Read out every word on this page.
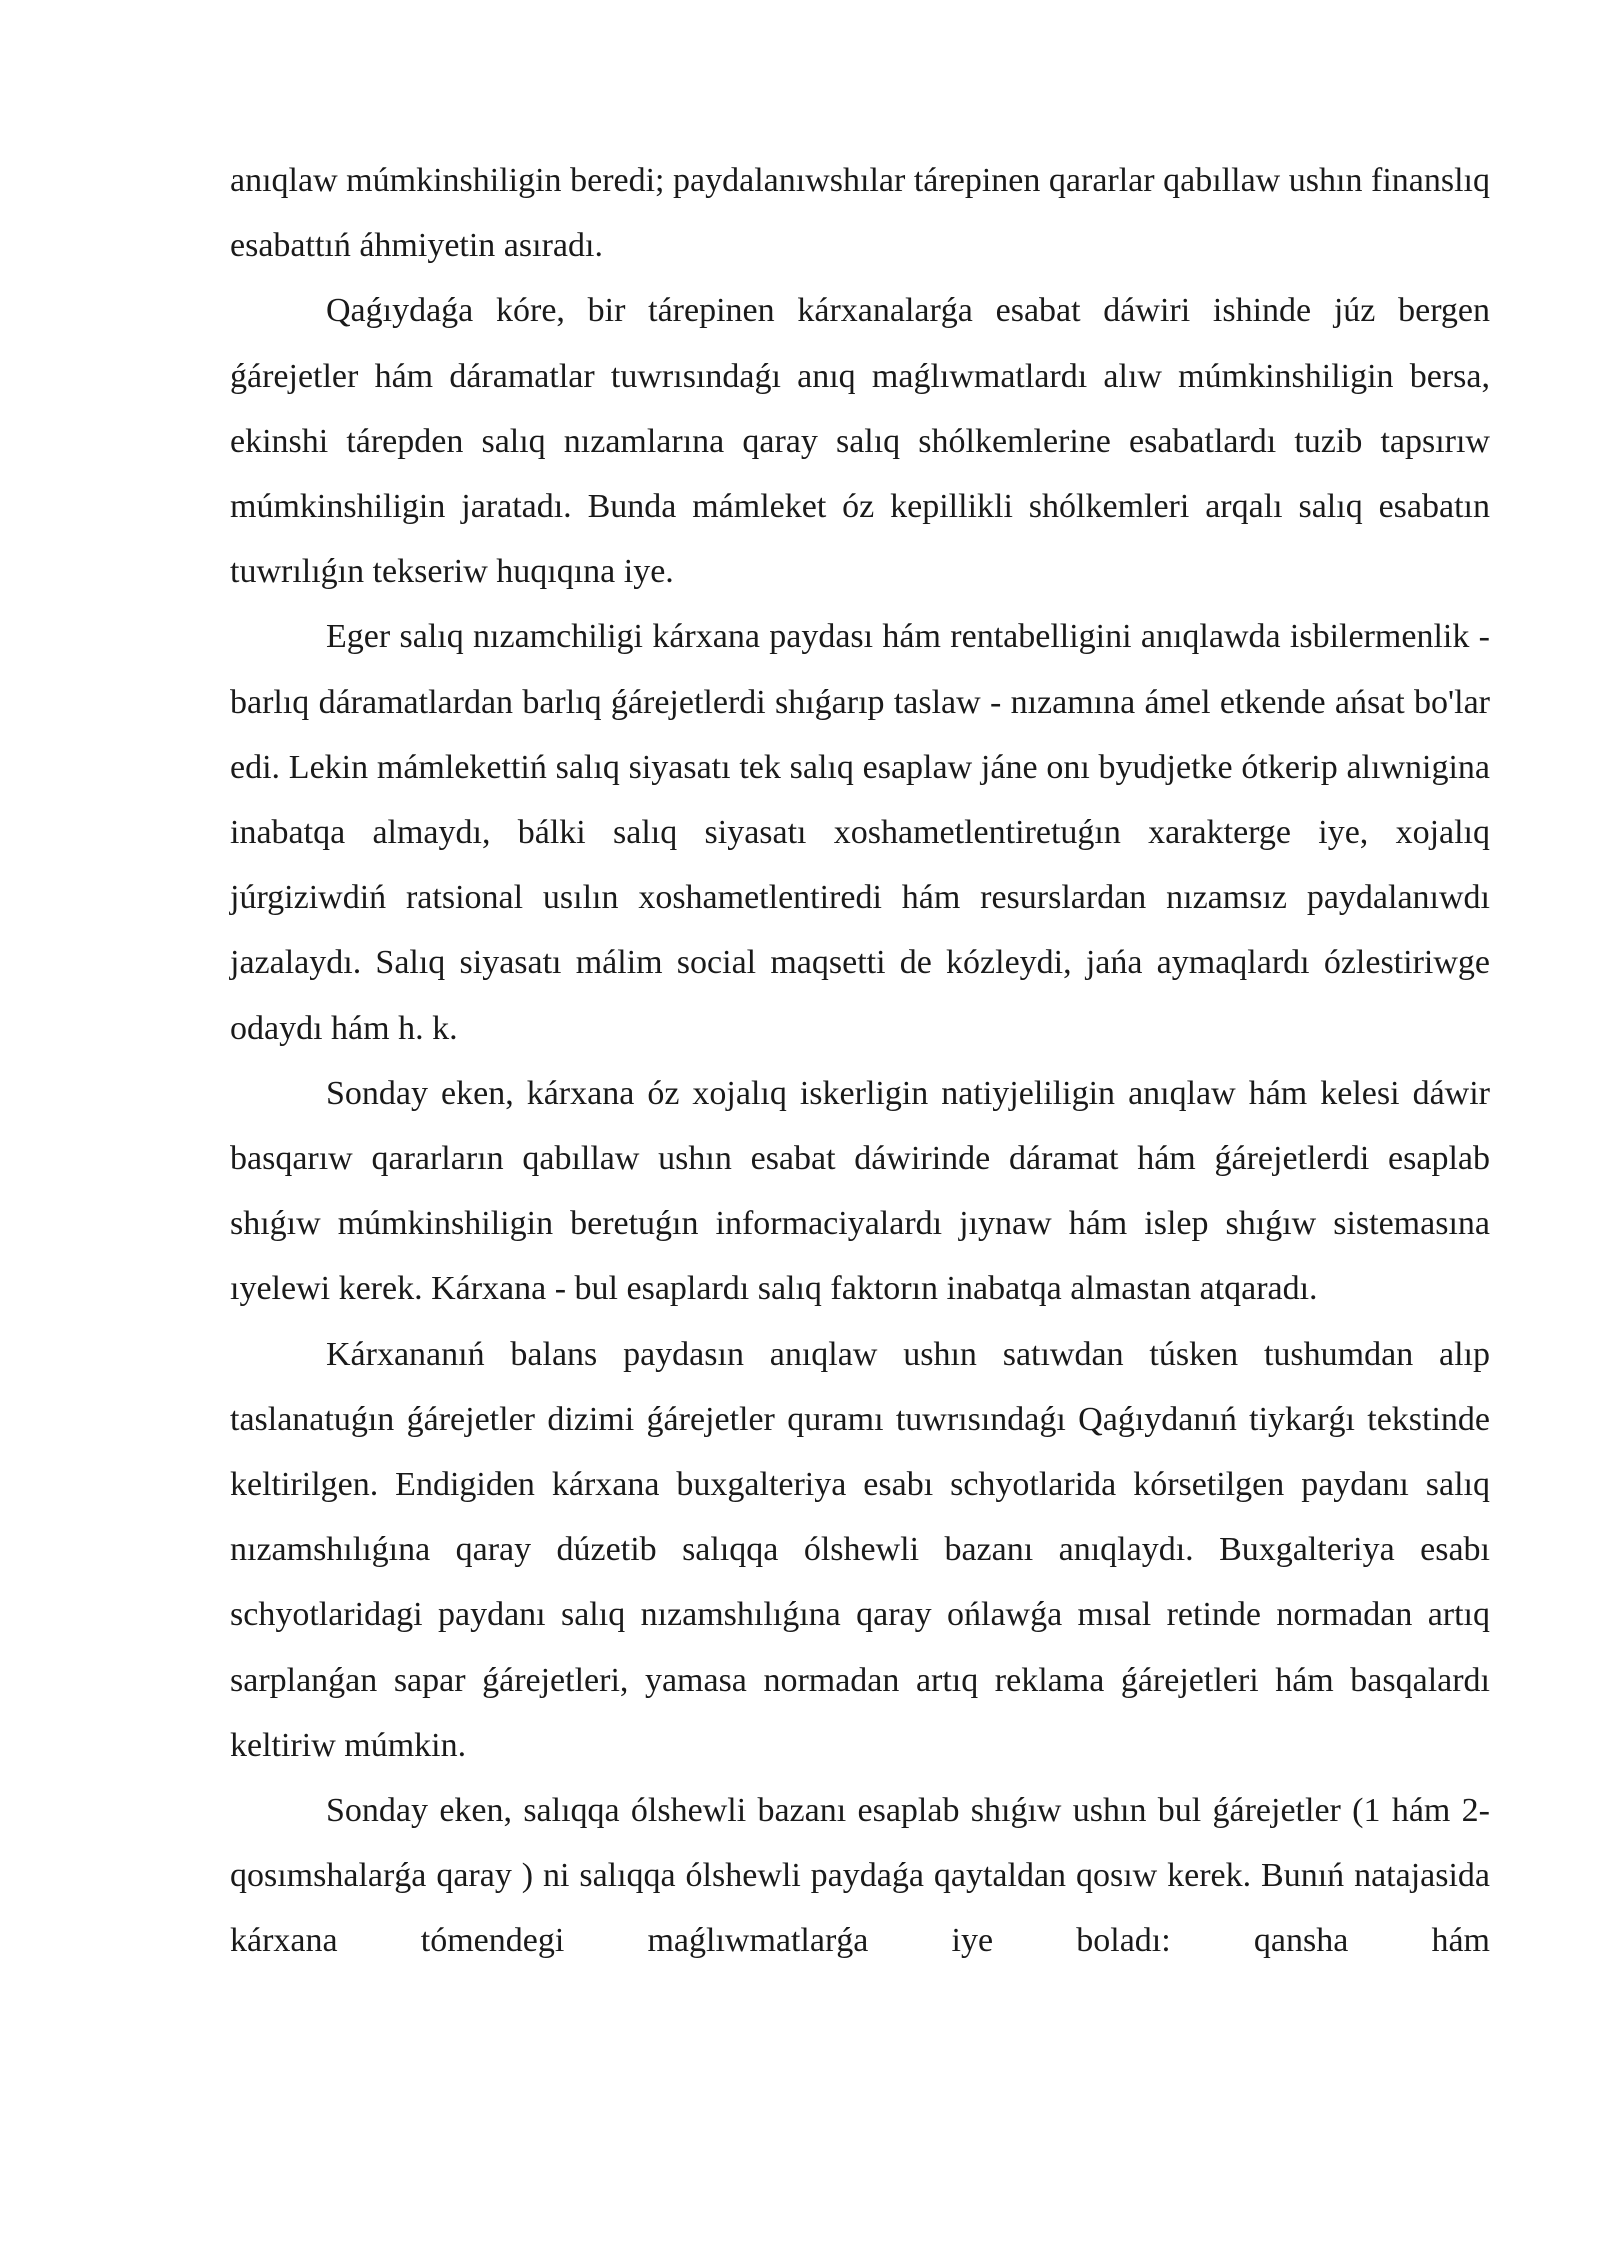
anıqlaw múmkinshiligin beredi; paydalanıwshılar tárepinen qararlar qabıllaw ushın finanslıq esabattıń áhmiyetin asıradı.

Qaǵıydaǵa kóre, bir tárepinen kárxanalarǵa esabat dáwiri ishinde júz bergen ǵárejetler hám dáramatlar tuwrısındaǵı anıq maǵlıwmatlardı alıw múmkinshiligin bersa, ekinshi tárepden salıq nızamlarına qaray salıq shólkemlerine esabatlardı tuzib tapsırıw múmkinshiligin jaratadı. Bunda mámleket óz kepillikli shólkemleri arqalı salıq esabatın tuwrılıǵın tekseriw huqıqına iye.

Eger salıq nızamchiligi kárxana paydası hám rentabelligini anıqlawda isbilermenlik - barlıq dáramatlardan barlıq ǵárejetlerdi shıǵarıp taslaw - nızamına ámel etkende ańsat bo'lar edi. Lekin mámlekettiń salıq siyasatı tek salıq esaplaw jáne onı byudjetke ótkerip alıwnigina inabatqa almaydı, bálki salıq siyasatı xoshametlentiretuǵın xarakterge iye, xojalıq júrgiziwdiń ratsional usılın xoshametlentiredi hám resurslardan nızamsız paydalanıwdı jazalaydı. Salıq siyasatı málim social maqsetti de kózleydi, jańa aymaqlardı ózlestiriwge odaydı hám h. k.

Sonday eken, kárxana óz xojalıq iskerligin natiyjeliligin anıqlaw hám kelesi dáwir basqarıw qararların qabıllaw ushın esabat dáwirinde dáramat hám ǵárejetlerdi esaplab shıǵıw múmkinshiligin beretuǵın informaciyalardı jıynaw hám islep shıǵıw sistemasına ıyelewi kerek. Kárxana - bul esaplardı salıq faktorın inabatqa almastan atqaradı.

Kárxananıń balans paydasın anıqlaw ushın satıwdan túsken tushumdan alıp taslanatuǵın ǵárejetler dizimi ǵárejetler quramı tuwrısındaǵı Qaǵıydanıń tiykarǵı tekstinde keltirilgen. Endigiden kárxana buxgalteriya esabı schyotlarida kórsetilgen paydanı salıq nızamshılıǵına qaray dúzetib salıqqa ólshewli bazanı anıqlaydı. Buxgalteriya esabı schyotlaridagi paydanı salıq nızamshılıǵına qaray ońlawǵa mısal retinde normadan artıq sarplanǵan sapar ǵárejetleri, yamasa normadan artıq reklama ǵárejetleri hám basqalardı keltiriw múmkin.

Sonday eken, salıqqa ólshewli bazanı esaplab shıǵıw ushın bul ǵárejetler (1 hám 2-qosımshalarǵa qaray ) ni salıqqa ólshewli paydaǵa qaytaldan qosıw kerek. Bunıń natajasida kárxana tómendegi maǵlıwmatlarǵa iye boladı: qansha hám
